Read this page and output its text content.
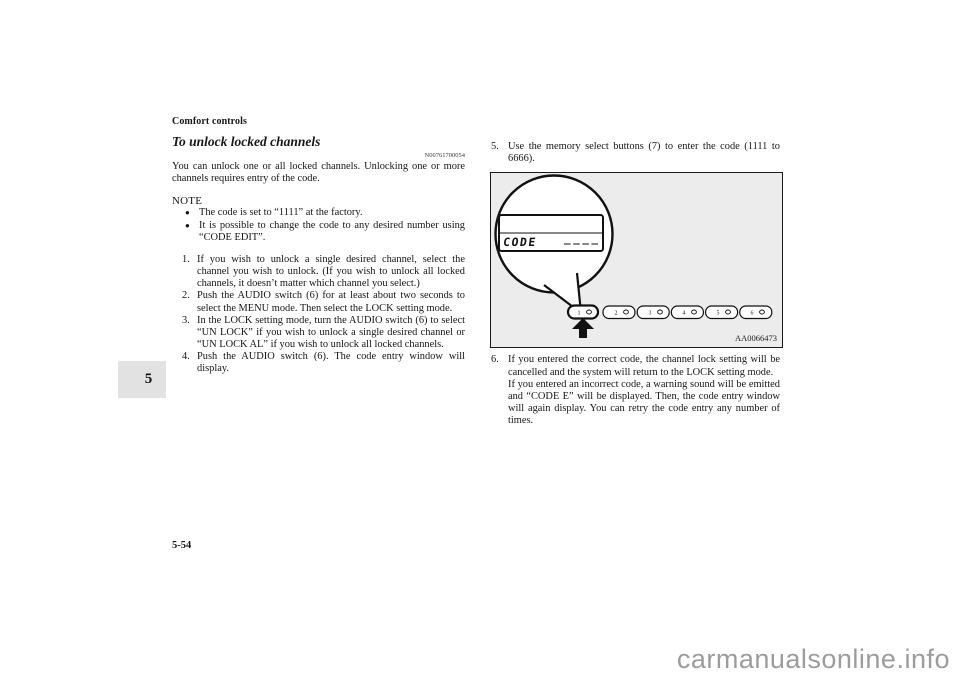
Comfort controls
To unlock locked channels
N00761700054
You can unlock one or all locked channels. Unlocking one or more channels requires entry of the code.
NOTE
● The code is set to “1111” at the factory.
● It is possible to change the code to any desired number using “CODE EDIT”.
1. If you wish to unlock a single desired channel, select the channel you wish to unlock. (If you wish to unlock all locked channels, it doesn’t matter which channel you select.)
2. Push the AUDIO switch (6) for at least about two seconds to select the MENU mode. Then select the LOCK setting mode.
3. In the LOCK setting mode, turn the AUDIO switch (6) to select “UN LOCK” if you wish to unlock a single desired channel or “UN LOCK AL” if you wish to unlock all locked channels.
4. Push the AUDIO switch (6). The code entry window will display.
5. Use the memory select buttons (7) to enter the code (1111 to 6666).
CODE ____
1	2	3	4	5	6
AA0066473
6. If you entered the correct code, the channel lock setting will be cancelled and the system will return to the LOCK setting mode.
If you entered an incorrect code, a warning sound will be emitted and “CODE E” will be displayed. Then, the code entry window will again display. You can retry the code entry any number of times.
5
5-54
carmanualsonline.info
